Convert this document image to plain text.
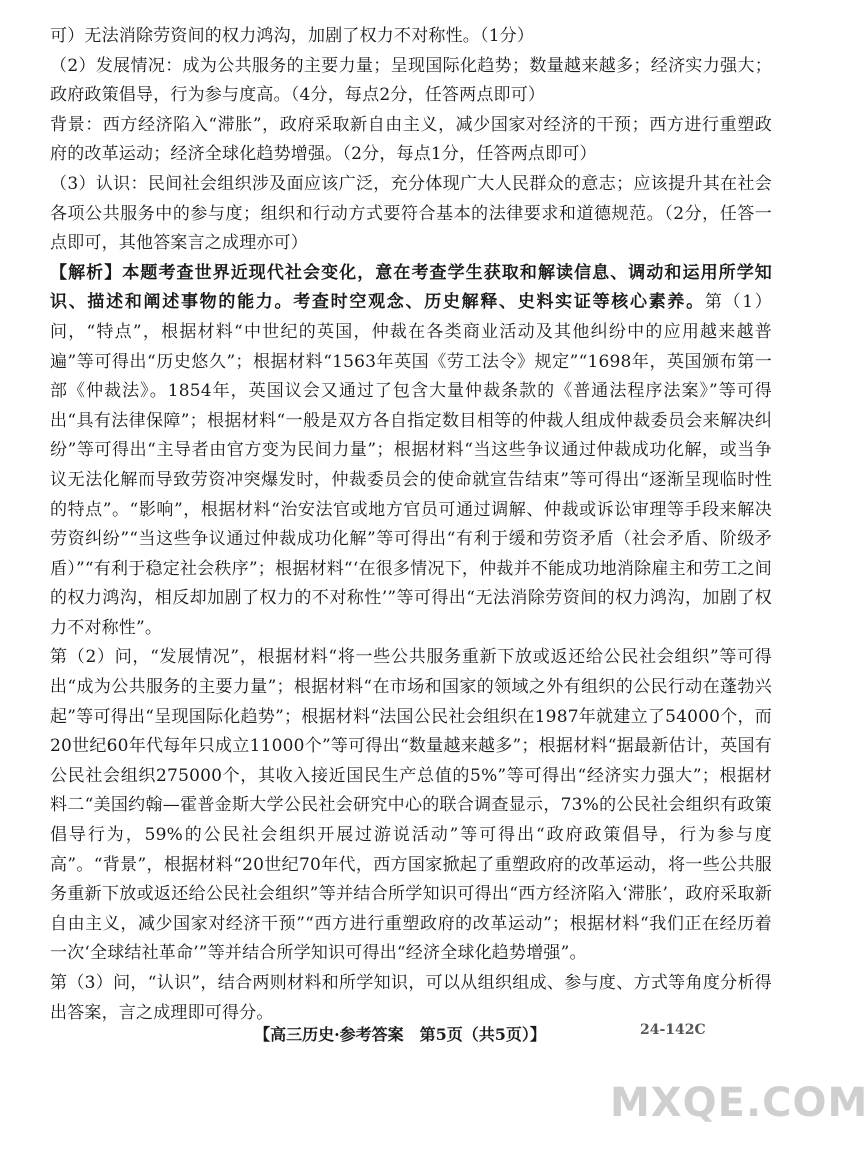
可）无法消除劳资间的权力鸿沟，加剧了权力不对称性。（1分）

（2）发展情况：成为公共服务的主要力量；呈现国际化趋势；数量越来越多；经济实力强大；政府政策倡导，行为参与度高。（4分，每点2分，任答两点即可）

背景：西方经济陷入“滞胀”，政府采取新自由主义，减少国家对经济的干预；西方进行重塑政府的改革运动；经济全球化趋势增强。（2分，每点1分，任答两点即可）

（3）认识：民间社会组织涉及面应该广泛，充分体现广大人民群众的意志；应该提升其在社会各项公共服务中的参与度；组织和行动方式要符合基本的法律要求和道德规范。（2分，任答一点即可，其他答案言之成理亦可）

【解析】本题考查世界近现代社会变化，意在考查学生获取和解读信息、调动和运用所学知识、描述和阐述事物的能力。考查时空观念、历史解释、史料实证等核心素养。第（1）问，“特点”，根据材料“中世纪的英国，仲裁在各类商业活动及其他纠纷中的应用越来越普遍”等可得出“历史悠久”；根据材料“1563年英国《劳工法令》规定”“1698年，英国颁布第一部《仲裁法》。1854年，英国议会又通过了包含大量仲裁条款的《普通法程序法案》”等可得出“具有法律保障”；根据材料“一般是双方各自指定数目相等的仲裁人组成仲裁委员会来解决纠纷”等可得出“主导者由官方变为民间力量”；根据材料“当这些争议通过仲裁成功化解，或当争议无法化解而导致劳资冲突爆发时，仲裁委员会的使命就宣告结束”等可得出“逐渐呈现临时性的特点”。“影响”，根据材料“治安法官或地方官员可通过调解、仲裁或诉讼审理等手段来解决劳资纠纷”“当这些争议通过仲裁成功化解”等可得出“有利于缓和劳资矛盾（社会矛盾、阶级矛盾）”“有利于稳定社会秩序”；根据材料“‘在很多情况下，仲裁并不能成功地消除雇主和劳工之间的权力鸿沟，相反却加剧了权力的不对称性’”等可得出“无法消除劳资间的权力鸿沟，加剧了权力不对称性”。

第（2）问，“发展情况”，根据材料“将一些公共服务重新下放或返还给公民社会组织”等可得出“成为公共服务的主要力量”；根据材料“在市场和国家的领域之外有组织的公民行动在蓬勃兴起”等可得出“呈现国际化趋势”；根据材料“法国公民社会组织在1987年就建立了54000个，而20世纪60年代每年只成立11000个”等可得出“数量越来越多”；根据材料“据最新估计，英国有公民社会组织275000个，其收入接近国民生产总值的5%”等可得出“经济实力强大”；根据材料二“美国约翰—霍普金斯大学公民社会研究中心的联合调查显示，73%的公民社会组织有政策倡导行为，59%的公民社会组织开展过游说活动”等可得出“政府政策倡导，行为参与度高”。“背景”，根据材料“20世纪70年代，西方国家掀起了重塑政府的改革运动，将一些公共服务重新下放或返还给公民社会组织”等并结合所学知识可得出“西方经济陷入‘滞胀’，政府采取新自由主义，减少国家对经济干预”“西方进行重塑政府的改革运动”；根据材料“我们正在经历着一次‘全球结社革命’”等并结合所学知识可得出“经济全球化趋势增强”。

第（3）问，“认识”，结合两则材料和所学知识，可以从组织组成、参与度、方式等角度分析得出答案，言之成理即可得分。

【高三历史·参考答案　第5页（共5页）】	24-142C
MXQE.COM
